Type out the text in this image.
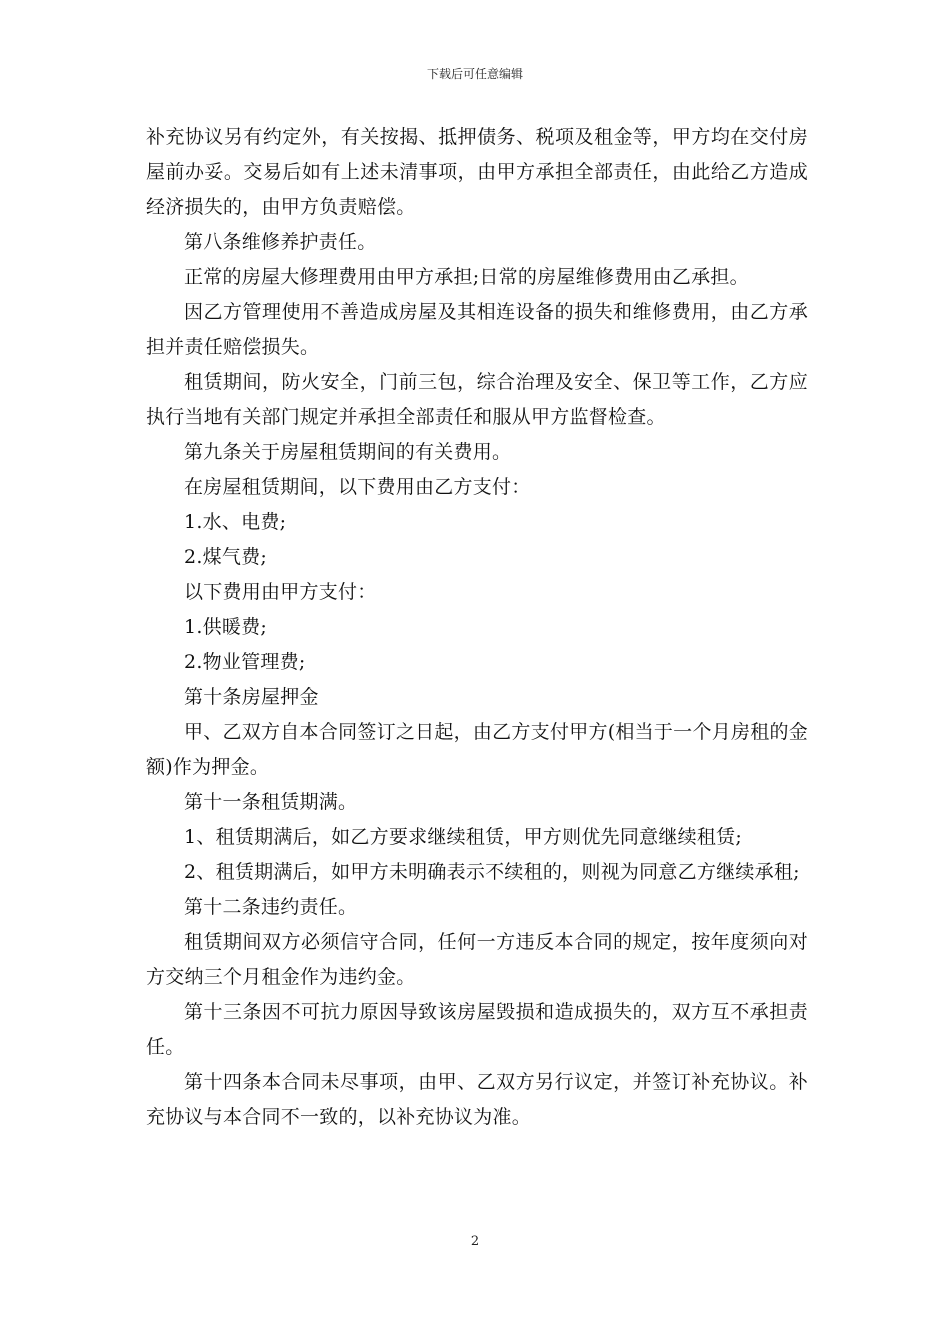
下载后可任意编辑
补充协议另有约定外，有关按揭、抵押债务、税项及租金等，甲方均在交付房
屋前办妥。交易后如有上述未清事项，由甲方承担全部责任，由此给乙方造成
经济损失的，由甲方负责赔偿。
第八条维修养护责任。
正常的房屋大修理费用由甲方承担;日常的房屋维修费用由乙承担。
因乙方管理使用不善造成房屋及其相连设备的损失和维修费用，由乙方承
担并责任赔偿损失。
租赁期间，防火安全，门前三包，综合治理及安全、保卫等工作，乙方应
执行当地有关部门规定并承担全部责任和服从甲方监督检查。
第九条关于房屋租赁期间的有关费用。
在房屋租赁期间，以下费用由乙方支付：
1.水、电费;
2.煤气费;
以下费用由甲方支付：
1.供暖费;
2.物业管理费;
第十条房屋押金
甲、乙双方自本合同签订之日起，由乙方支付甲方(相当于一个月房租的金
额)作为押金。
第十一条租赁期满。
1、租赁期满后，如乙方要求继续租赁，甲方则优先同意继续租赁;
2、租赁期满后，如甲方未明确表示不续租的，则视为同意乙方继续承租;
第十二条违约责任。
租赁期间双方必须信守合同，任何一方违反本合同的规定，按年度须向对
方交纳三个月租金作为违约金。
第十三条因不可抗力原因导致该房屋毁损和造成损失的，双方互不承担责
任。
第十四条本合同未尽事项，由甲、乙双方另行议定，并签订补充协议。补
充协议与本合同不一致的，以补充协议为准。
2
